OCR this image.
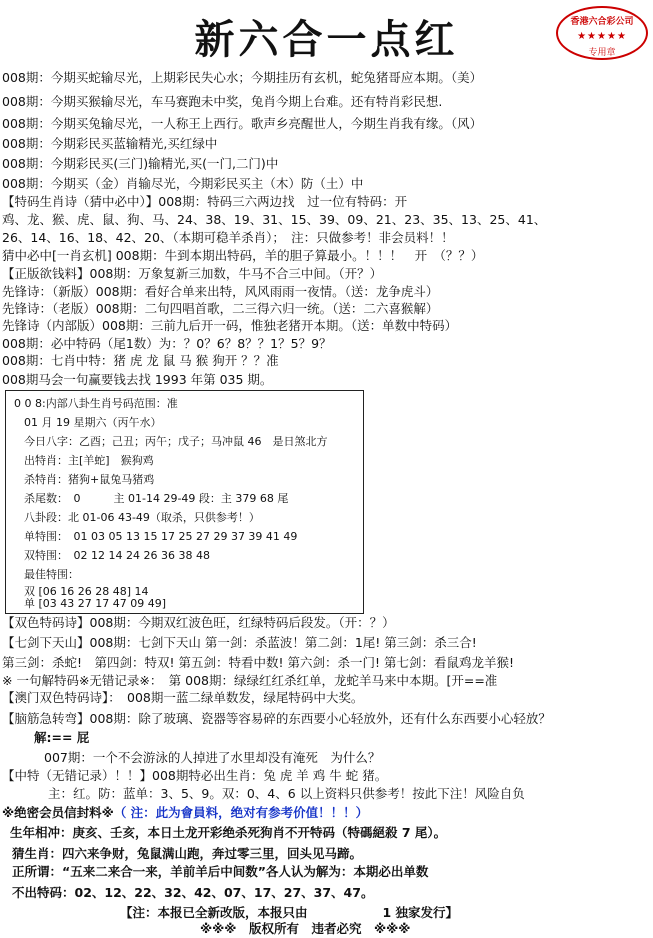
新六合一点红	香港六合彩公司
★★★★★
专用章
008期：今期买蛇输尽光，上期彩民失心水；今期挂历有玄机，蛇兔猪哥应本期。（美）
008期：今期买猴输尽光，车马赛跑未中奖，兔肖今期上台难。还有特肖彩民想.
008期：今期买兔输尽光，一人称王上西行。歌声乡亮醒世人，今期生肖我有缘。（风）
008期：今期彩民买蓝输精光,买红绿中
008期：今期彩民买(三门)输精光,买(一门,二门)中
008期：今期买（金）肖输尽光，今期彩民买主（木）防（土）中
【特码生肖诗（猜中必中）】008期：特码三六两边找　过一位有特码：开
鸡、龙、猴、虎、鼠、狗、马、24、38、19、31、15、39、09、21、23、35、13、25、41、
26、14、16、18、42、20、（本期可稳羊杀肖）；　注：只做参考！非会员料！！
猜中必中[一肖玄机] 008期：牛到本期出特码，羊的胆子算最小。！！！　开　（？？）
【正版欲钱料】008期：万象复新三加数，牛马不合三中间。（开？）
先锋诗：（新版）008期：看好合单来出特，风风雨雨一夜情。（送：龙争虎斗）
先锋诗：（老版）008期：二句四唱首歌，二三得六归一统。（送：二六喜猴解）
先锋诗（内部版）008期：三前九后开一码，惟独老猪开本期。（送：单数中特码）
008期：必中特码（尾1数）为：？0？6？8？？1？5？9？
008期：七肖中特：猪 虎 龙 鼠 马 猴 狗开 ？？准
008期马会一句赢要钱去找 1993 年第 035 期。
0 0 8:内部八卦生肖号码范围：准
01 月 19 星期六（丙午水）
今日八字：乙酉；己丑；丙午；戊子；马冲鼠 46　是日煞北方
出特肖：主[羊蛇]　猴狗鸡
杀特肖：猪狗+鼠兔马猪鸡
杀尾数：　0　　　主 01-14 29-49 段：主 379 68 尾
八卦段：北 01-06 43-49（取杀，只供参考！）
单特围：　01 03 05 13 15 17 25 27 29 37 39 41 49
双特围：　02 12 14 24 26 36 38 48
最佳特围：
双 [06 16 26 28 48] 14
单 [03 43 27 17 47 09 49]
【双色特码诗】008期：今期双红波色旺，红绿特码后段发。（开：？）
【七剑下天山】008期：七剑下天山 第一剑：杀蓝波！第二剑：1尾! 第三剑：杀三合!
第三剑：杀蛇!　第四剑：特双! 第五剑：特看中数! 第六剑：杀一门! 第七剑：看鼠鸡龙羊猴!
※ 一句解特码※无错记录※：　第 008期：绿绿红红杀红单，龙蛇羊马来中本期。[开==准
【澳门双色特码诗】：　008期一蓝二绿单数发，绿尾特码中大奖。
【脑筋急转弯】008期：除了玻璃、瓷器等容易碎的东西要小心轻放外，还有什么东西要小心轻放？
解:== 屁
007期：一个不会游泳的人掉进了水里却没有淹死　为什么？
【中特（无错记录）！！】008期特必出生肖：兔 虎 羊 鸡 牛 蛇 猪。
主：红。防：蓝单：3、5、9。双：0、4、6 以上资料只供参考！按此下注！风险自负
※绝密会员信封料※（ 注：此为會員料，绝对有参考价值！！！）
生年相冲：庚亥、壬亥，本日土龙开彩绝杀死狗肖不开特码（特碼絕殺 7 尾）。
猜生肖：四六来争财，兔鼠满山跑，奔过零三里，回头见马蹄。
正所谓：“五来二来合一来，羊前羊后中间数”各人认为解为：本期必出单数
不出特码：02、12、22、32、42、07、17、27、37、47。
【注：本报已全新改版，本报只由　　　　　　1 独家发行】
※※※　版权所有　违者必究　※※※
